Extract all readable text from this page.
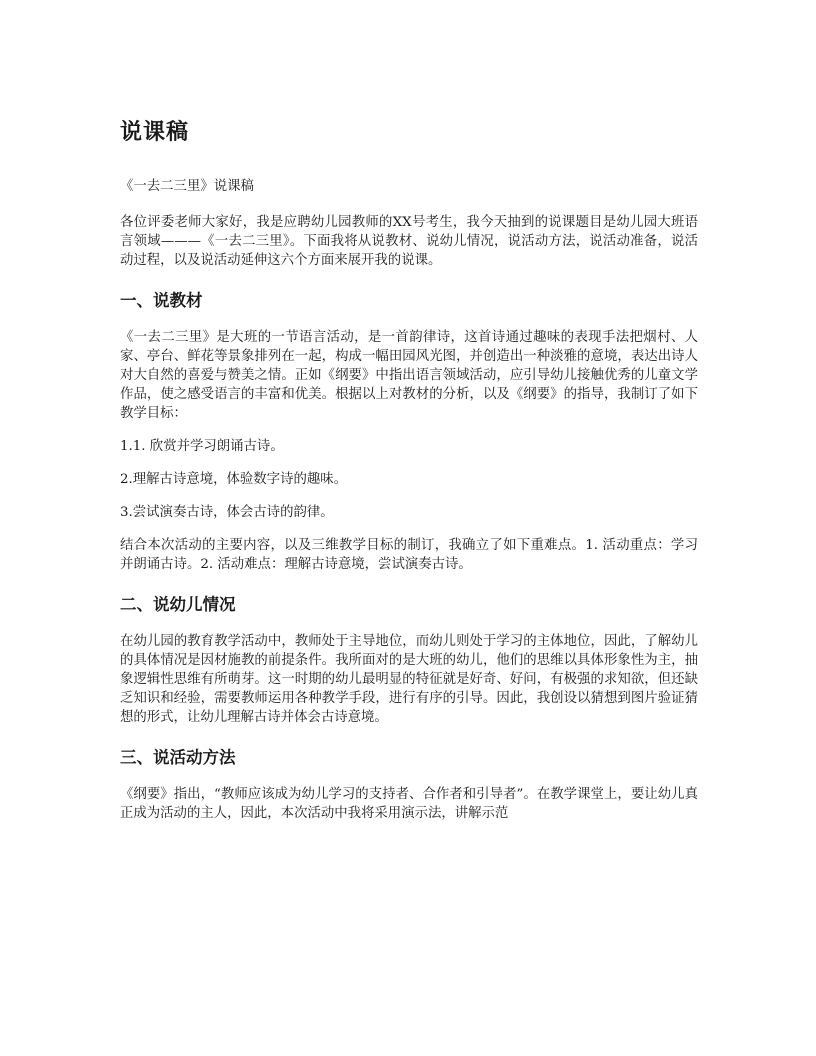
说课稿
《一去二三里》说课稿

各位评委老师大家好，我是应聘幼儿园教师的XX号考生，我今天抽到的说课题目是幼儿园大班语言领域———《一去二三里》。下面我将从说教材、说幼儿情况，说活动方法，说活动准备，说活动过程，以及说活动延伸这六个方面来展开我的说课。

一、说教材

《一去二三里》是大班的一节语言活动，是一首韵律诗，这首诗通过趣味的表现手法把烟村、人家、亭台、鲜花等景象排列在一起，构成一幅田园风光图，并创造出一种淡雅的意境，表达出诗人对大自然的喜爱与赞美之情。正如《纲要》中指出语言领域活动，应引导幼儿接触优秀的儿童文学作品，使之感受语言的丰富和优美。根据以上对教材的分析，以及《纲要》的指导，我制订了如下教学目标：

1.1. 欣赏并学习朗诵古诗。

2.理解古诗意境，体验数字诗的趣味。

3.尝试演奏古诗，体会古诗的韵律。

结合本次活动的主要内容，以及三维教学目标的制订，我确立了如下重难点。1. 活动重点：学习并朗诵古诗。2. 活动难点：理解古诗意境，尝试演奏古诗。

二、说幼儿情况

在幼儿园的教育教学活动中，教师处于主导地位，而幼儿则处于学习的主体地位，因此，了解幼儿的具体情况是因材施教的前提条件。我所面对的是大班的幼儿，他们的思维以具体形象性为主，抽象逻辑性思维有所萌芽。这一时期的幼儿最明显的特征就是好奇、好问，有极强的求知欲，但还缺乏知识和经验，需要教师运用各种教学手段，进行有序的引导。因此，我创设以猜想到图片验证猜想的形式，让幼儿理解古诗并体会古诗意境。

三、说活动方法

《纲要》指出，“教师应该成为幼儿学习的支持者、合作者和引导者”。在教学课堂上，要让幼儿真正成为活动的主人，因此，本次活动中我将采用演示法，讲解示范
